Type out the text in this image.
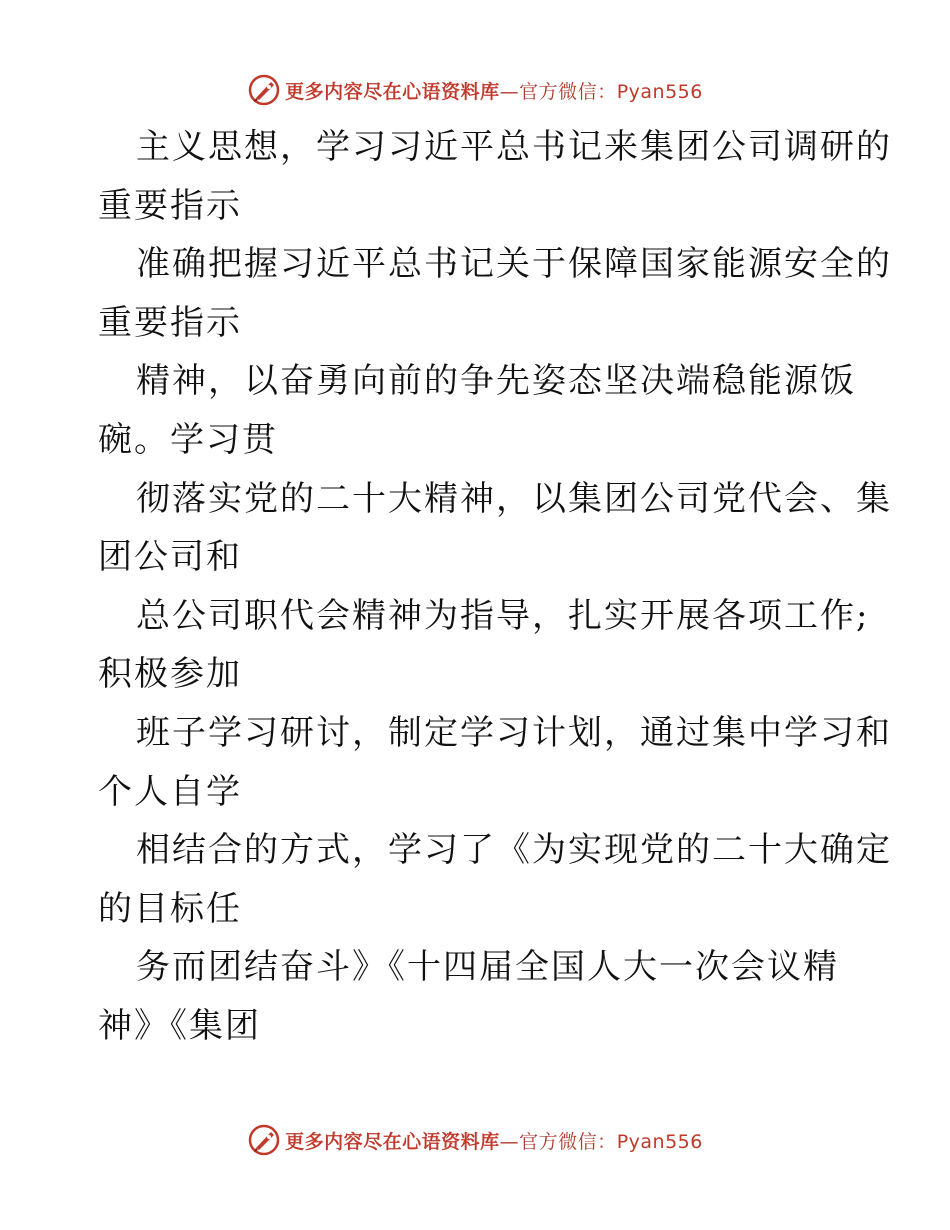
更多内容尽在心语资料库—官方微信：Pyan556
主义思想，学习习近平总书记来集团公司调研的
重要指示
准确把握习近平总书记关于保障国家能源安全的
重要指示
精神，以奋勇向前的争先姿态坚决端稳能源饭
碗。学习贯
彻落实党的二十大精神，以集团公司党代会、集
团公司和
总公司职代会精神为指导，扎实开展各项工作;
积极参加
班子学习研讨，制定学习计划，通过集中学习和
个人自学
相结合的方式，学习了《为实现党的二十大确定
的目标任
务而团结奋斗》《十四届全国人大一次会议精
神》《集团
更多内容尽在心语资料库—官方微信：Pyan556
